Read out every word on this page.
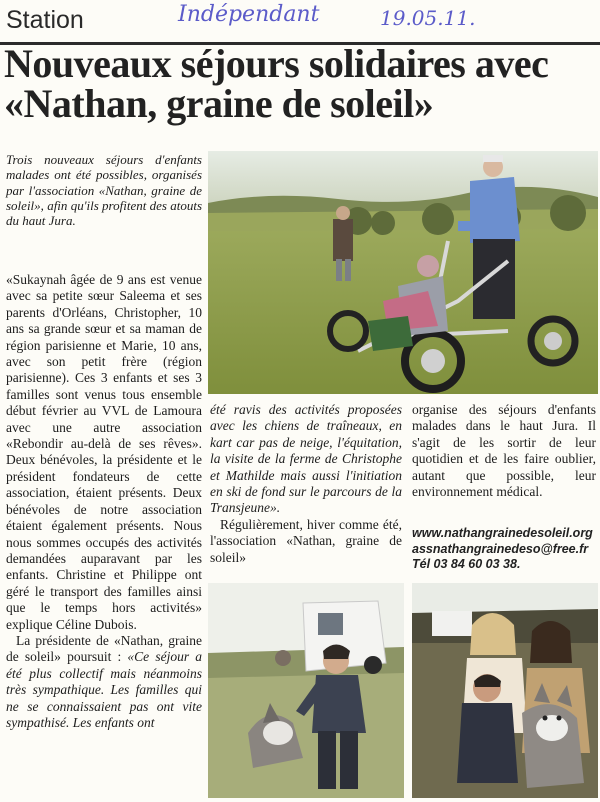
Station	Indépendant	19.05.11.
Nouveaux séjours solidaires avec «Nathan, graine de soleil»

Trois nouveaux séjours d'enfants malades ont été possibles, organisés par l'association «Nathan, graine de soleil», afin qu'ils profitent des atouts du haut Jura.

«Sukaynah âgée de 9 ans est venue avec sa petite sœur Saleema et ses parents d'Orléans, Christopher, 10 ans sa grande sœur et sa maman de région parisienne et Marie, 10 ans, avec son petit frère (région parisienne). Ces 3 enfants et ses 3 familles sont venus tous ensemble début février au VVL de Lamoura avec une autre association «Rebondir au-delà de ses rêves». Deux bénévoles, la présidente et le président fondateurs de cette association, étaient présents. Deux bénévoles de notre association étaient également présents. Nous nous sommes occupés des activités demandées auparavant par les enfants. Christine et Philippe ont géré le transport des familles ainsi que le temps hors activités» explique Céline Dubois.

La présidente de «Nathan, graine de soleil» poursuit : «Ce séjour a été plus collectif mais néanmoins très sympathique. Les familles qui ne se connaissaient pas ont vite sympathisé. Les enfants ont

été ravis des activités proposées avec les chiens de traîneaux, en kart car pas de neige, l'équitation, la visite de la ferme de Christophe et Mathilde mais aussi l'initiation en ski de fond sur le parcours de la Transjeune».

Régulièrement, hiver comme été, l'association «Nathan, graine de soleil»

organise des séjours d'enfants malades dans le haut Jura. Il s'agit de les sortir de leur quotidien et de les faire oublier, autant que possible, leur environnement médical.

www.nathangrainedesoleil.org
assnathangrainedeso@free.fr
Tél 03 84 60 03 38.
